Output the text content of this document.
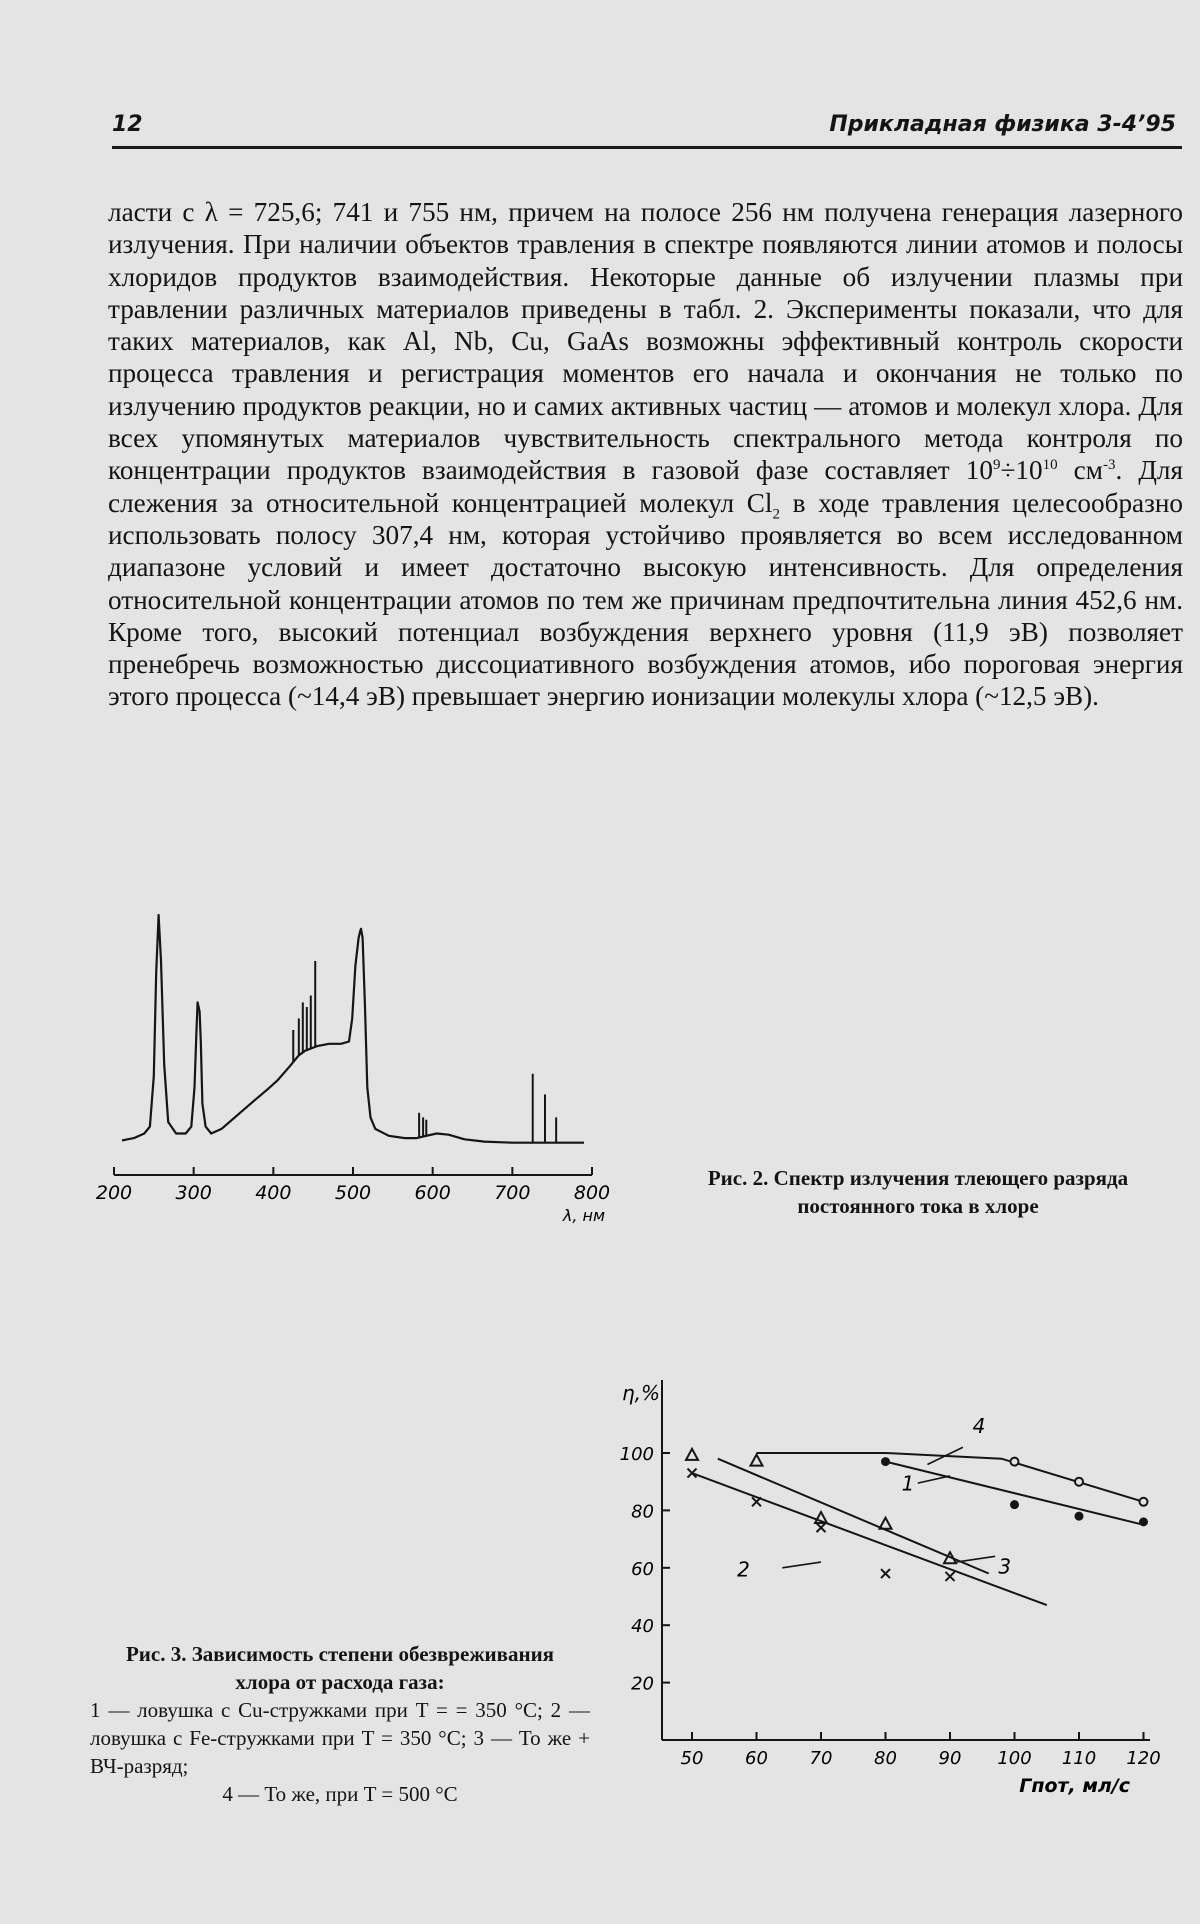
12	Прикладная физика 3-4’95

ласти с λ = 725,6; 741 и 755 нм, причем на полосе 256 нм получена генерация лазерного излучения. При наличии объектов травления в спектре появляются линии атомов и полосы хлоридов продуктов взаимодействия. Некоторые данные об излучении плазмы при травлении различных материалов приведены в табл. 2. Эксперименты показали, что для таких материалов, как Al, Nb, Cu, GaAs возможны эффективный контроль скорости процесса травления и регистрация моментов его начала и окончания не только по излучению продуктов реакции, но и самих активных частиц — атомов и молекул хлора. Для всех упомянутых материалов чувствительность спектрального метода контроля по концентрации продуктов взаимодействия в газовой фазе составляет $10^9\div 10^{10}$ $см^{-3}$. Для слежения за относительной концентрацией молекул $Cl_2$ в ходе травления целесообразно использовать полосу 307,4 нм, которая устойчиво проявляется во всем исследованном диапазоне условий и имеет достаточно высокую интенсивность. Для определения относительной концентрации атомов по тем же причинам предпочтительна линия 452,6 нм. Кроме того, высокий потенциал возбуждения верхнего уровня (11,9 эВ) позволяет пренебречь возможностью диссоциативного возбуждения атомов, ибо пороговая энергия этого процесса (~14,4 эВ) превышает энергию ионизации молекулы хлора (~12,5 эВ).

200 300 400 500 600 700 800
λ, нм
Рис. 2. Спектр излучения тлеющего разряда
постоянного тока в хлоре
20
40
60
80
100
50 60 70 80 90 100 110 120
η,%
Гпот, мл/с
4
1
2	3
Рис. 3. Зависимость степени обезвреживания
хлора от расхода газа:
1 — ловушка с Cu-стружками при T = = 350 °C; 2 — ловушка с Fe-стружками при T = 350 °C; 3 — То же + ВЧ-разряд;
4 — То же, при T = 500 °C
